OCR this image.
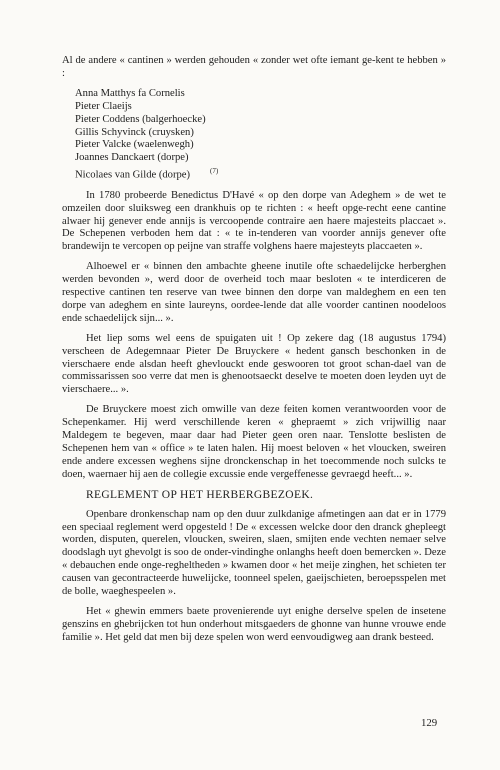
Al de andere « cantinen » werden gehouden « zonder wet ofte iemant ge-kent te hebben » :

Anna Matthys fa Cornelis
Pieter Claeijs
Pieter Coddens (balgerhoecke)
Gillis Schyvinck (cruysken)
Pieter Valcke (waelenwegh)
Joannes Danckaert (dorpe)
Nicolaes van Gilde (dorpe)	$^{(7)}$

In 1780 probeerde Benedictus D'Havé « op den dorpe van Adeghem » de wet te omzeilen door sluiksweg een drankhuis op te richten : « heeft opge-recht eene cantine alwaer hij genever ende annijs is vercoopende contraire aen haere majesteits placcaet ». De Schepenen verboden hem dat : « te in-tenderen van voorder annijs genever ofte brandewijn te vercopen op peijne van straffe volghens haere majesteyts placcaeten ».

Alhoewel er « binnen den ambachte gheene inutile ofte schaedelijcke herberghen werden bevonden », werd door de overheid toch maar besloten « te interdiceren de respective cantinen ten reserve van twee binnen den dorpe van maldeghem en een ten dorpe van adeghem en sinte laureyns, oordee-lende dat alle voorder cantinen noodeloos ende schaedelijck sijn... ».

Het liep soms wel eens de spuigaten uit ! Op zekere dag (18 augustus 1794) verscheen de Adegemnaar Pieter De Bruyckere « hedent gansch beschonken in de vierschaere ende alsdan heeft ghevlouckt ende geswooren tot groot schan-dael van de commissarissen soo verre dat men is ghenootsaeckt deselve te moeten doen leyden uyt de vierschaere... ».

De Bruyckere moest zich omwille van deze feiten komen verantwoorden voor de Schepenkamer. Hij werd verschillende keren « ghepraemt » zich vrijwillig naar Maldegem te begeven, maar daar had Pieter geen oren naar. Tenslotte beslisten de Schepenen hem van « office » te laten halen. Hij moest beloven « het vloucken, sweiren ende andere excessen weghens sijne dronckenschap in het toecommende noch sulcks te doen, waernaer hij aen de collegie excussie ende vergeffenesse gevraegd heeft... ».

REGLEMENT OP HET HERBERGBEZOEK.

Openbare dronkenschap nam op den duur zulkdanige afmetingen aan dat er in 1779 een speciaal reglement werd opgesteld ! De « excessen welcke door den dranck ghepleegt worden, disputen, querelen, vloucken, sweiren, slaen, smijten ende vechten nemaer selve doodslagh uyt ghevolgt is soo de onder-vindinghe onlanghs heeft doen bemercken ». Deze « debauchen ende onge-regheltheden » kwamen door « het meije zinghen, het schieten ter causen van gecontracteerde huwelijcke, toonneel spelen, gaeijschieten, beroepsspelen met de bolle, waeghespeelen ».

Het « ghewin emmers baete provenierende uyt enighe derselve spelen de insetene genszins en ghebrijcken tot hun onderhout mitsgaeders de ghonne van hunne vrouwe ende familie ». Het geld dat men bij deze spelen won werd eenvoudigweg aan drank besteed.

129
